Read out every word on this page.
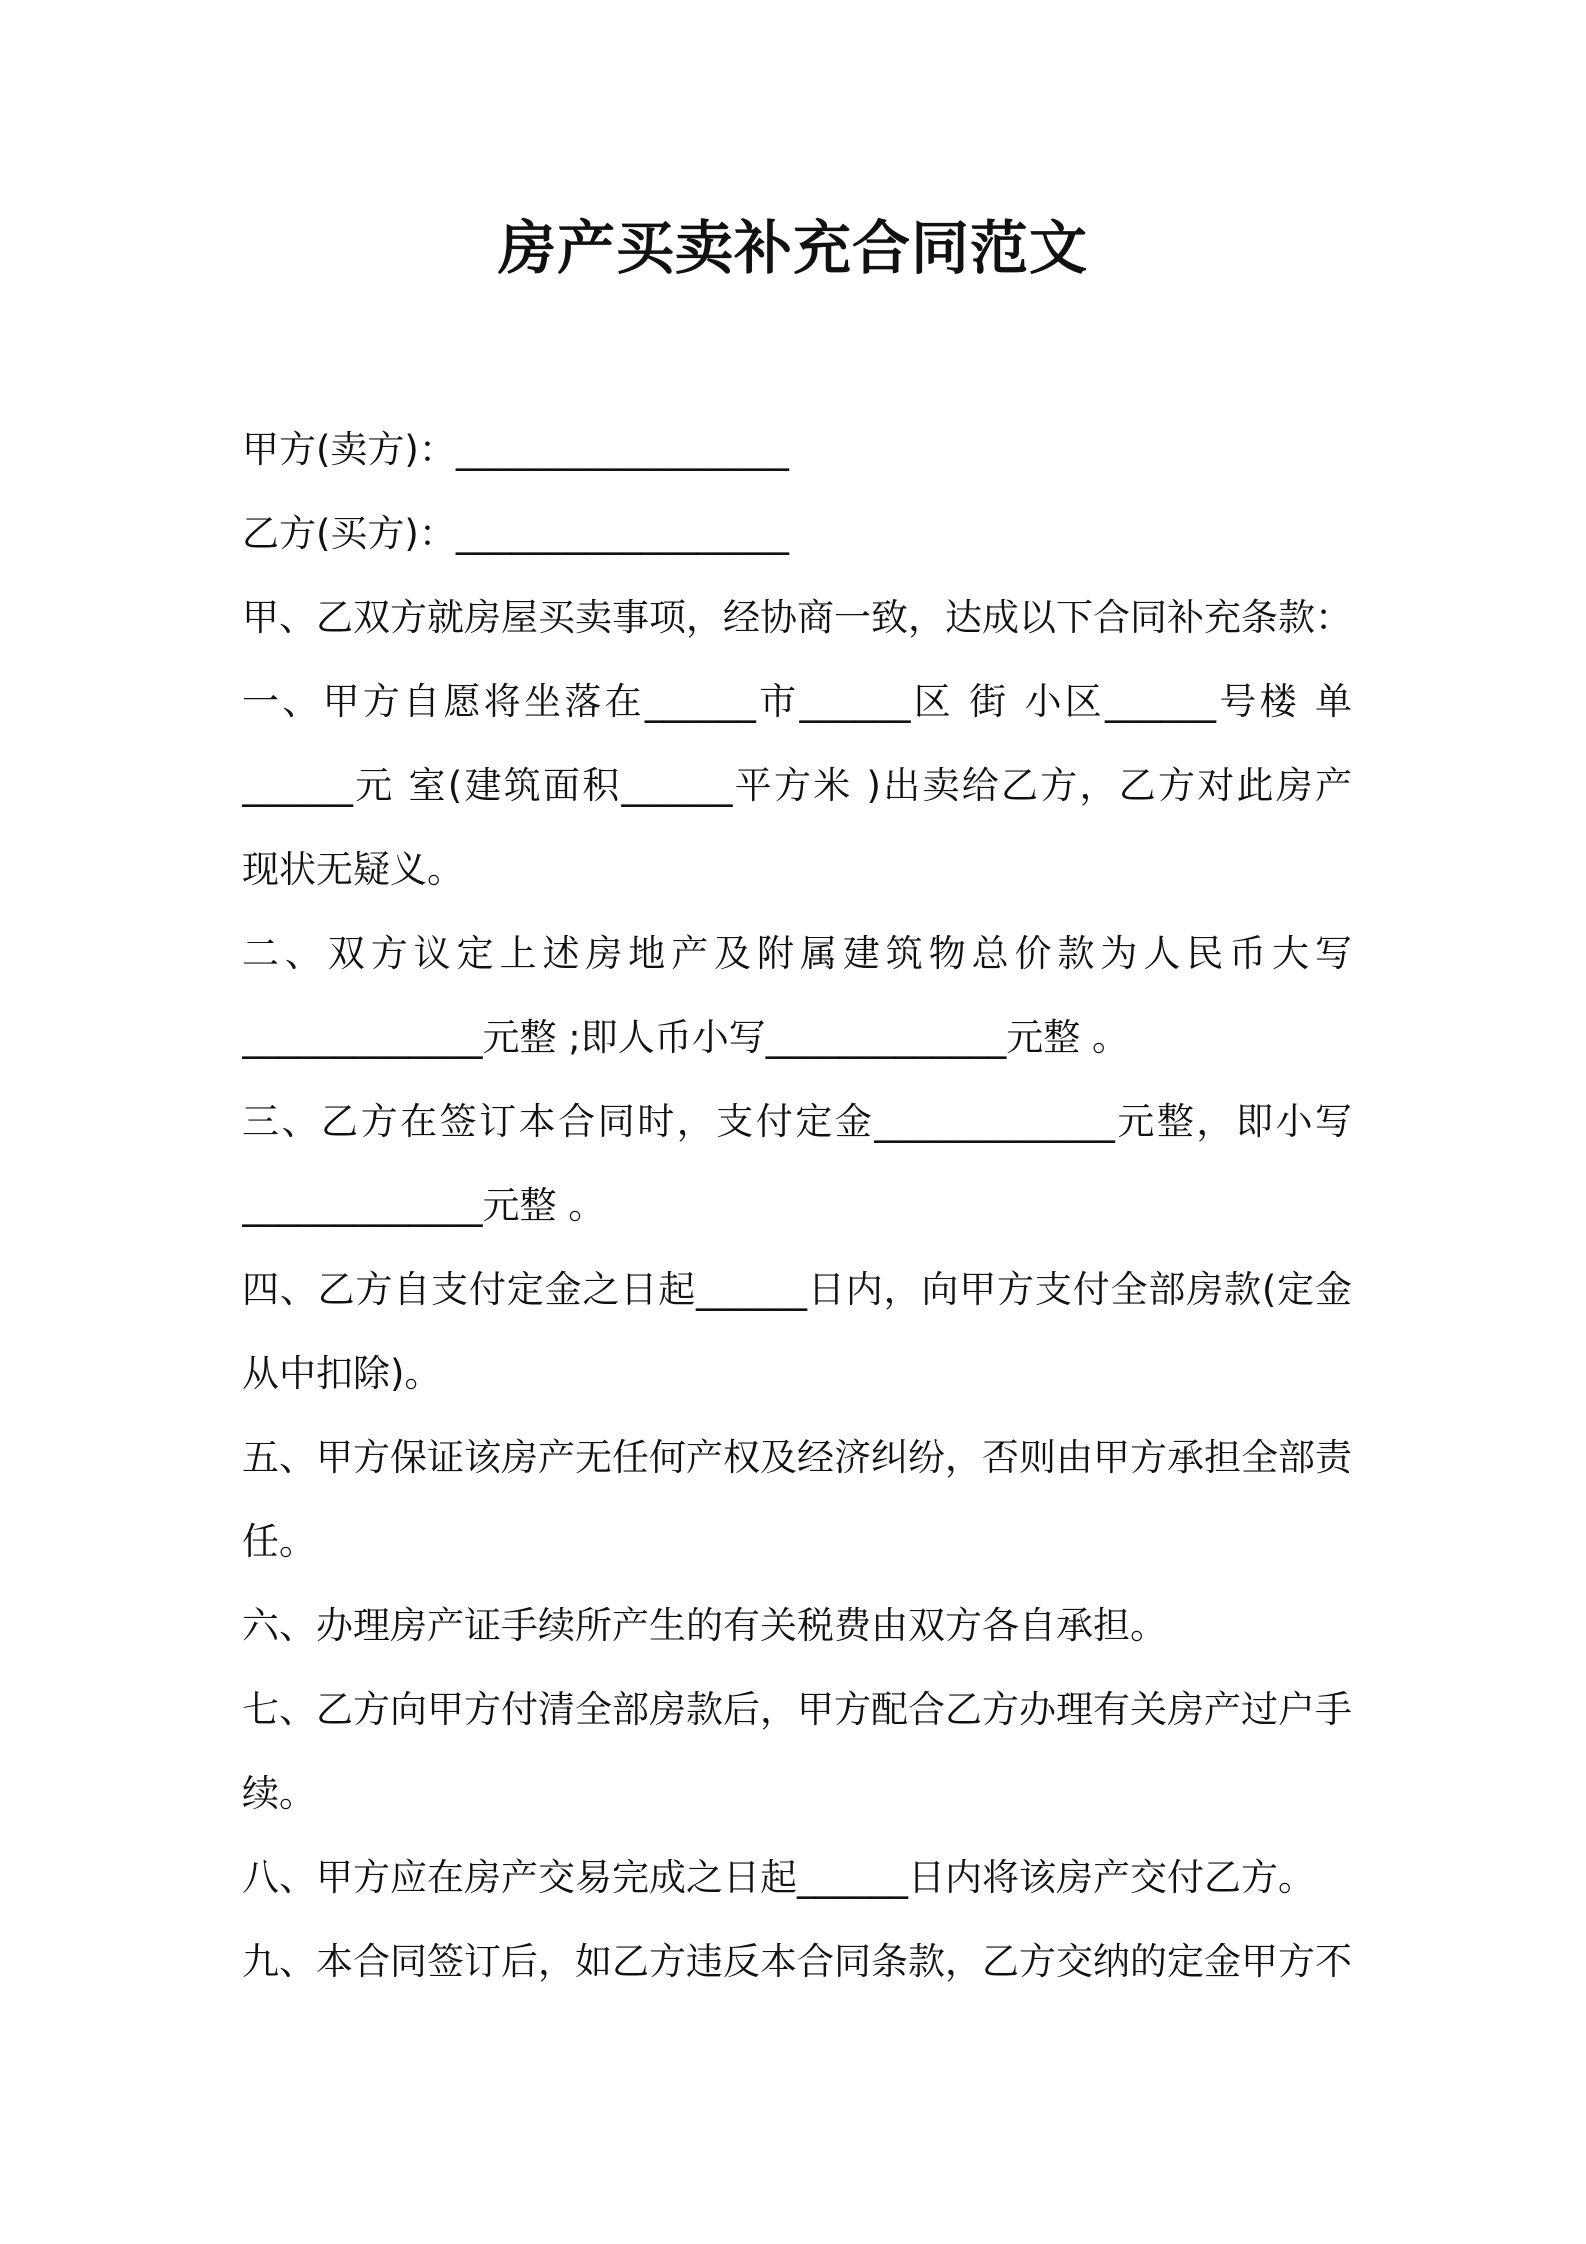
房产买卖补充合同范文
甲方(卖方)：__________________
乙方(买方)：__________________
甲、乙双方就房屋买卖事项，经协商一致，达成以下合同补充条款：
一、甲方自愿将坐落在______市______区 街 小区______号楼 单
______元 室(建筑面积______平方米 )出卖给乙方，乙方对此房产
现状无疑义。
二、双方议定上述房地产及附属建筑物总价款为人民币大写
_____________元整 ;即人币小写_____________元整 。
三、乙方在签订本合同时，支付定金_____________元整，即小写
_____________元整 。
四、乙方自支付定金之日起______日内，向甲方支付全部房款(定金
从中扣除)。
五、甲方保证该房产无任何产权及经济纠纷，否则由甲方承担全部责
任。
六、办理房产证手续所产生的有关税费由双方各自承担。
七、乙方向甲方付清全部房款后，甲方配合乙方办理有关房产过户手
续。
八、甲方应在房产交易完成之日起______日内将该房产交付乙方。
九、本合同签订后，如乙方违反本合同条款，乙方交纳的定金甲方不
